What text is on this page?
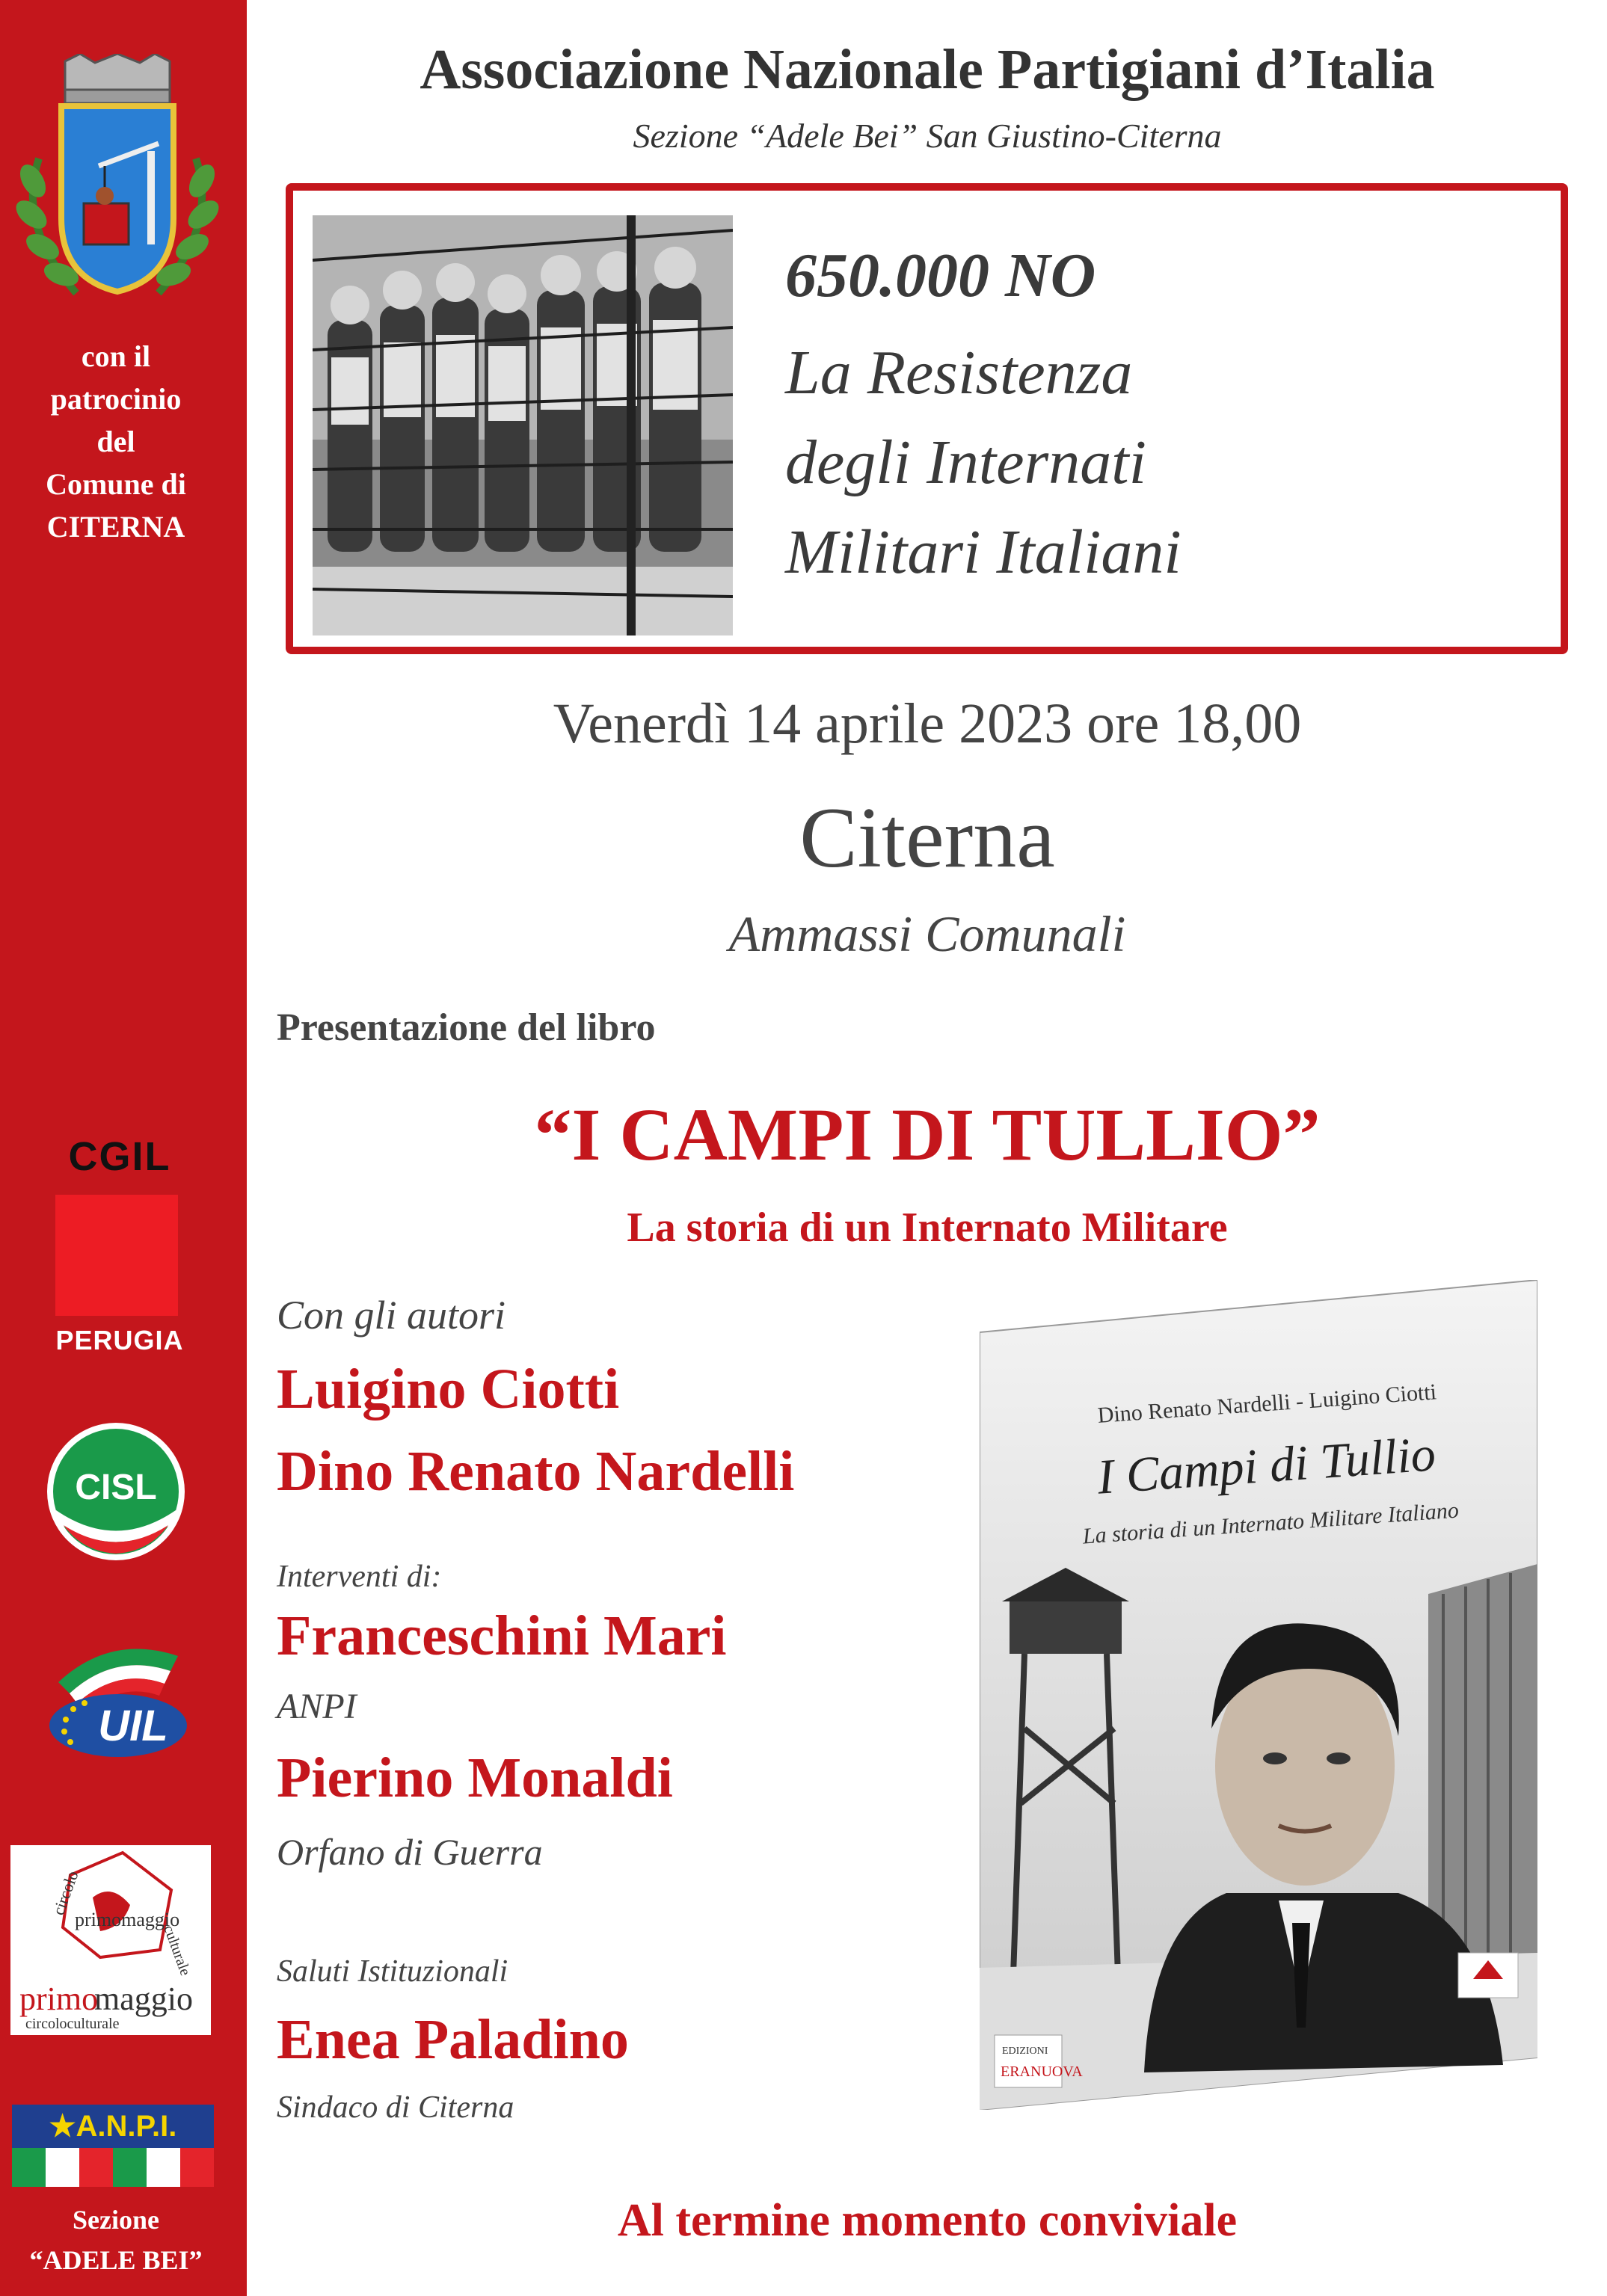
con il
patrocinio
del
Comune di
CITERNA
CGIL
PERUGIA
CISL
UIL
circolo
primomaggio
culturale
primo
maggio
circoloculturale
★A.N.P.I.
Sezione
“ADELE BEI”
Associazione Nazionale Partigiani d’Italia
Sezione “Adele Bei” San Giustino-Citerna
650.000 NO
La Resistenza
degli Internati
Militari Italiani
Venerdì 14 aprile 2023 ore 18,00
Citerna
Ammassi Comunali
Presentazione del libro
“I CAMPI DI TULLIO”
La storia di un Internato Militare
Con gli autori
Luigino Ciotti
Dino Renato Nardelli
Interventi di:
Franceschini Mari
ANPI
Pierino Monaldi
Orfano di Guerra
Saluti Istituzionali
Enea Paladino
Sindaco di Citerna
Dino Renato Nardelli - Luigino Ciotti
I Campi di Tullio
La storia di un Internato Militare Italiano
EDIZIONI
ERANUOVA
Al termine momento conviviale
